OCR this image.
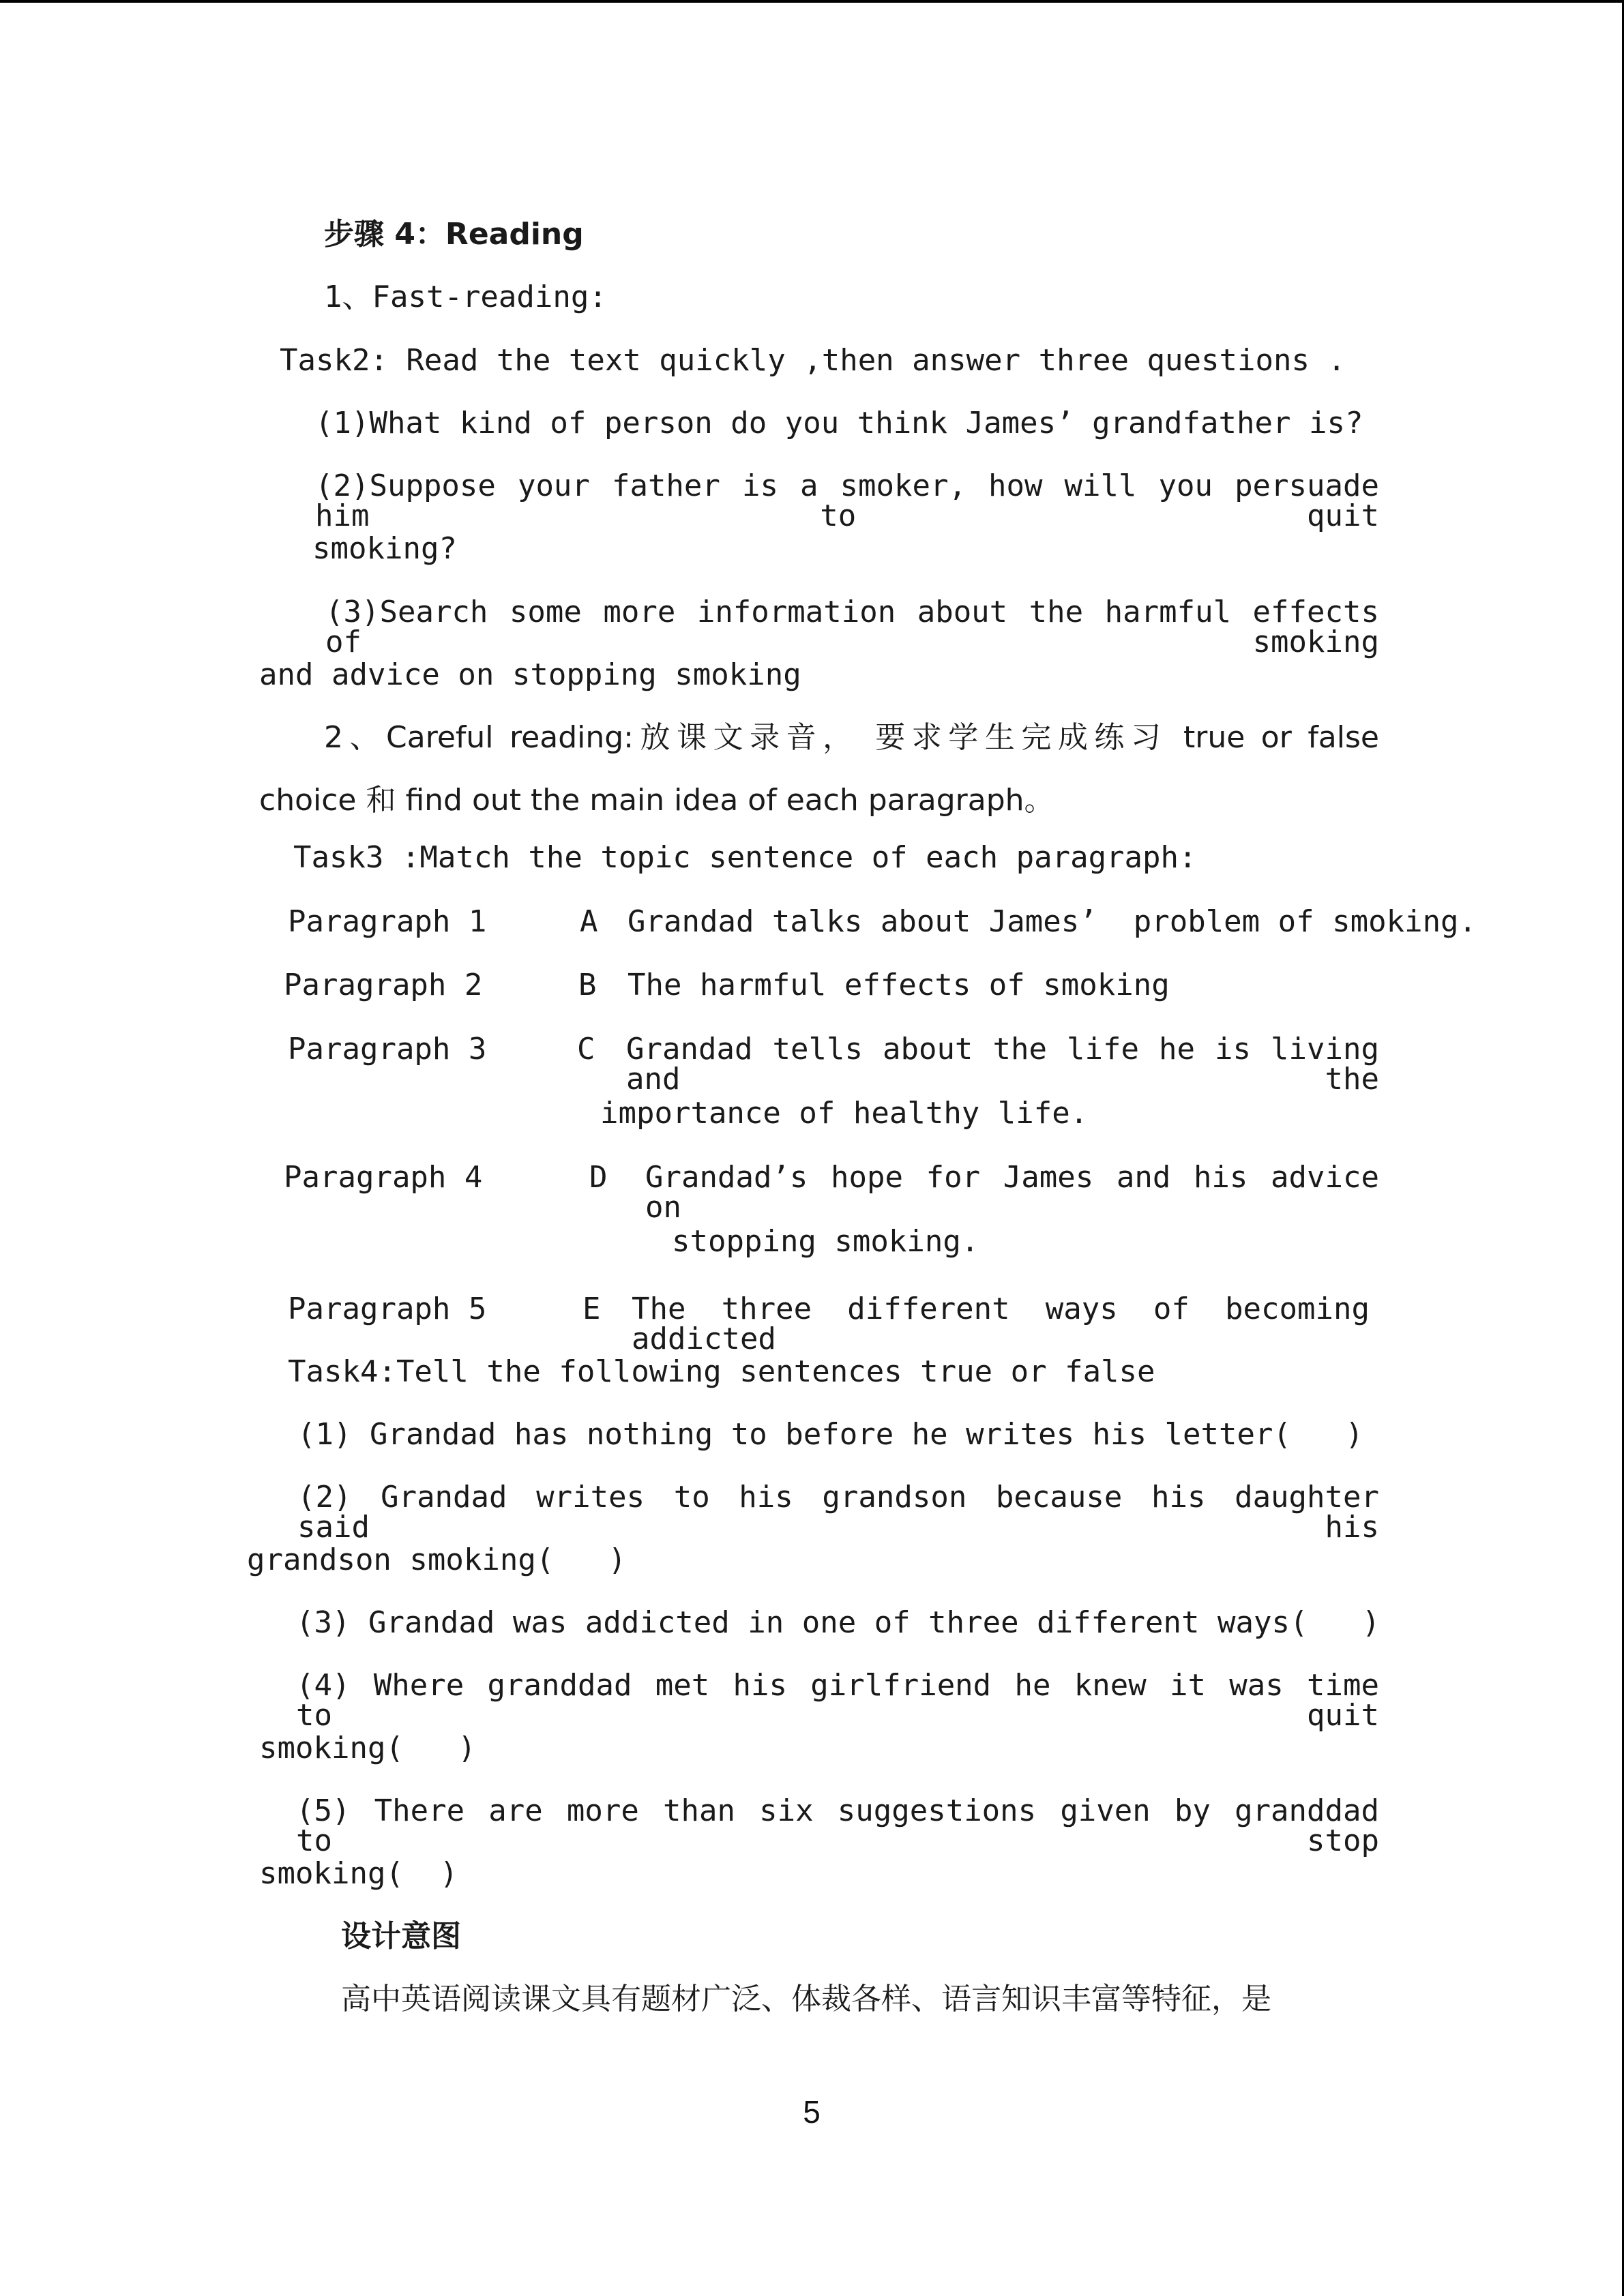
步骤 4：Reading
1、Fast-reading:
Task2: Read the text quickly ,then answer three questions .
(1)What kind of person do you think James’ grandfather is?
(2)Suppose your father is a smoker, how will you persuade him to quit
smoking?
(3)Search some more information about the harmful effects of smoking
and advice on stopping smoking
2、Careful reading:放课文录音， 要求学生完成练习 true or false
choice 和 find out the main idea of each paragraph。
Task3 :Match the topic sentence of each paragraph:
Paragraph 1	A Grandad talks about James’  problem of smoking.
Paragraph 2	B The harmful effects of smoking
Paragraph 3	C Grandad tells about the life he is living and the
importance of healthy life.
Paragraph 4	D Grandad’s hope for James and his advice on
stopping smoking.
Paragraph 5	E The three different ways of becoming addicted
Task4:Tell the following sentences true or false
(1) Grandad has nothing to before he writes his letter(   )
(2) Grandad writes to his grandson because his daughter said his
grandson smoking(   )
(3) Grandad was addicted in one of three different ways(   )
(4) Where granddad met his girlfriend he knew it was time to quit
smoking(   )
(5) There are more than six suggestions given by granddad to stop
smoking(  )
设计意图
高中英语阅读课文具有题材广泛、体裁各样、语言知识丰富等特征，是
5
